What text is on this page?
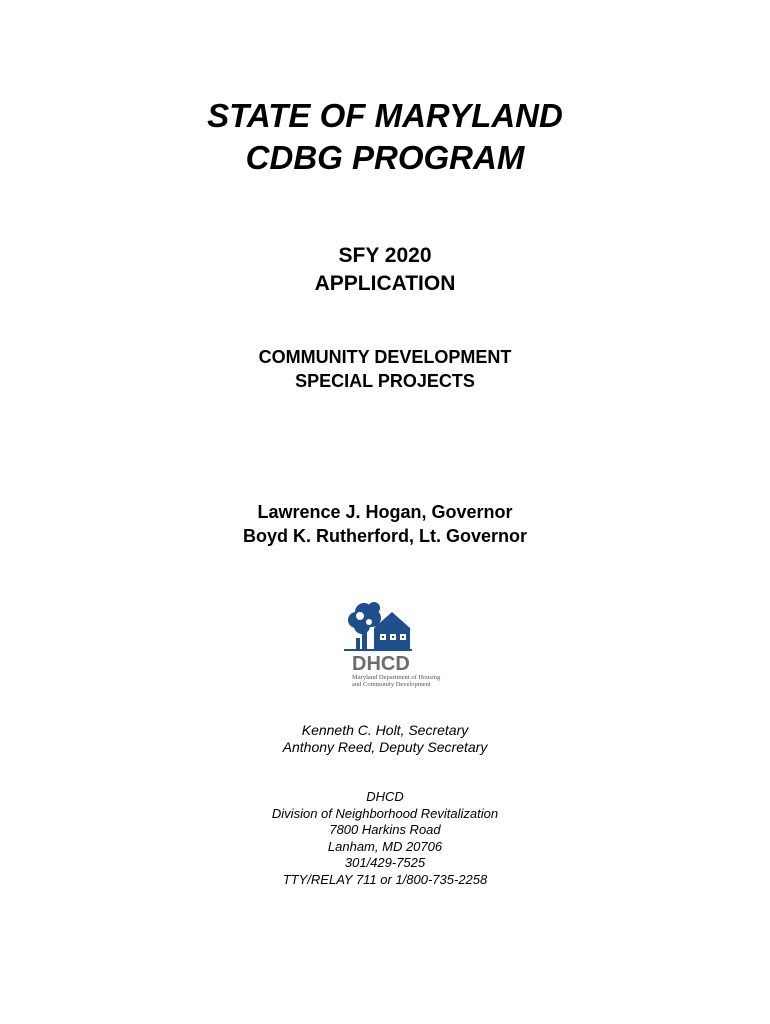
STATE OF MARYLAND
CDBG PROGRAM
SFY 2020
APPLICATION
COMMUNITY DEVELOPMENT
SPECIAL PROJECTS
Lawrence J. Hogan, Governor
Boyd K. Rutherford, Lt. Governor
DHCD
Maryland Department of Housing
and Community Development
Kenneth C. Holt, Secretary
Anthony Reed, Deputy Secretary
DHCD
Division of Neighborhood Revitalization
7800 Harkins Road
Lanham, MD 20706
301/429-7525
TTY/RELAY 711 or 1/800-735-2258
